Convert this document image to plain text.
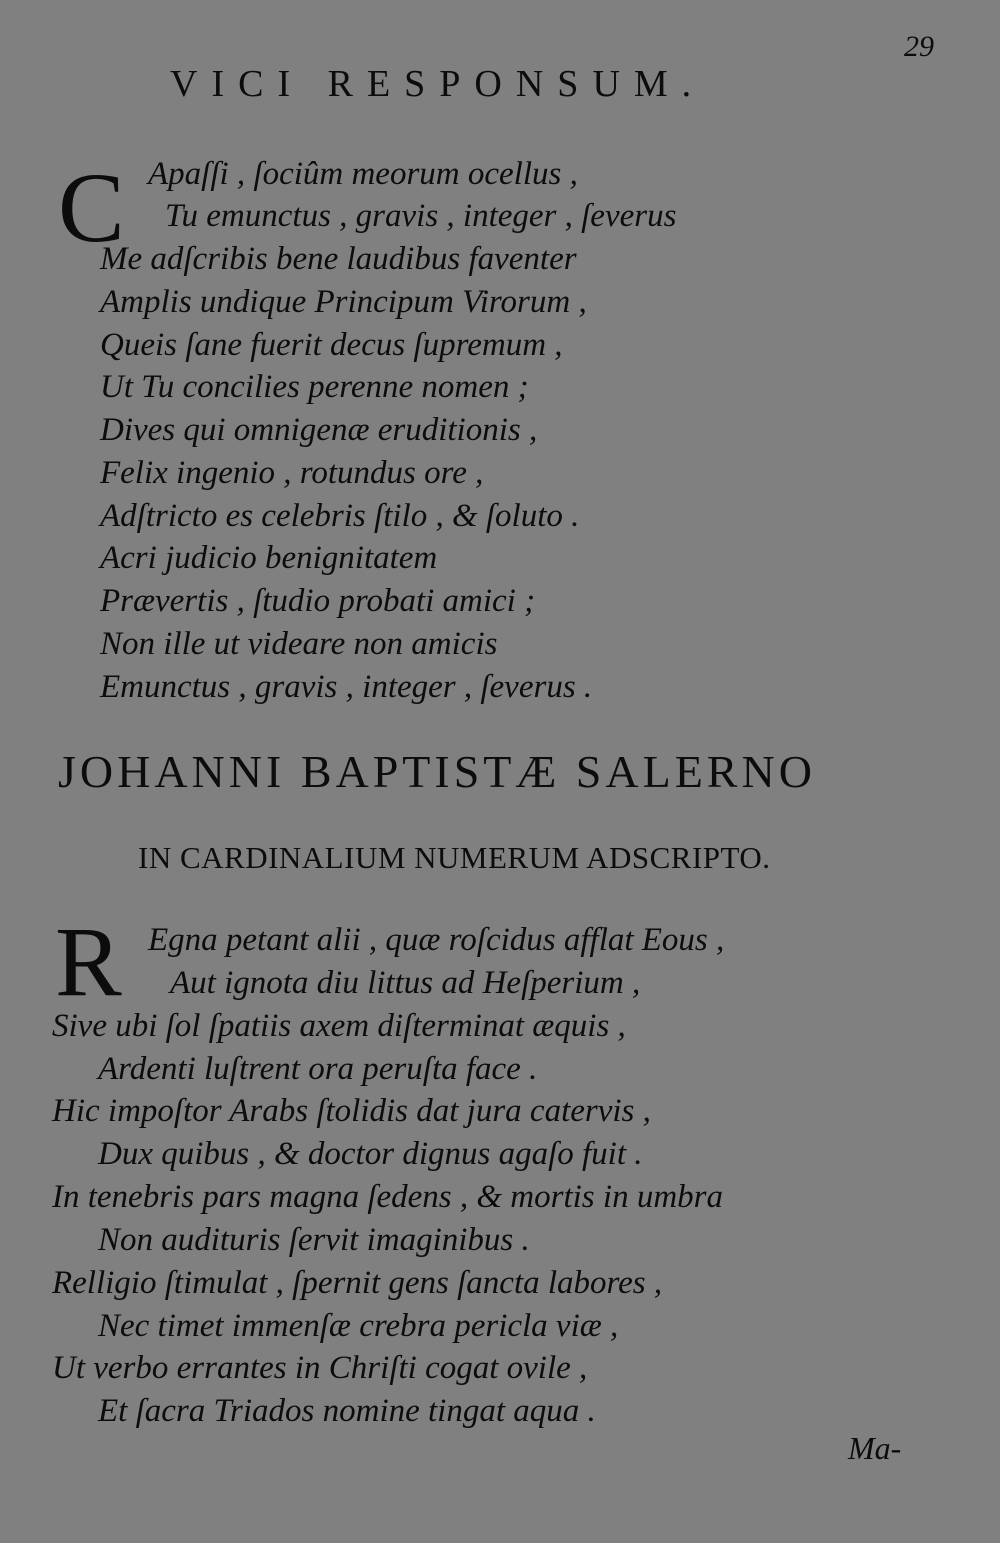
29
VICI RESPONSUM.
C Apaſſi , ſociûm meorum ocellus ,
Tu emunctus , gravis , integer , ſeverus
Me adſcribis bene laudibus faventer
Amplis undique Principum Virorum ,
Queis ſane fuerit decus ſupremum ,
Ut Tu concilies perenne nomen ;
Dives qui omnigenæ eruditionis ,
Felix ingenio , rotundus ore ,
Adſtricto es celebris ſtilo , & ſoluto .
Acri judicio benignitatem
Prævertis , ſtudio probati amici ;
Non ille ut videare non amicis
Emunctus , gravis , integer , ſeverus .
JOHANNI BAPTISTÆ SALERNO
IN CARDINALIUM NUMERUM ADSCRIPTO.
R Egna petant alii , quæ roſcidus afflat Eous ,
Aut ignota diu littus ad Heſperium ,
Sive ubi ſol ſpatiis axem diſterminat æquis ,
Ardenti luſtrent ora peruſta face .
Hic impoſtor Arabs ſtolidis dat jura catervis ,
Dux quibus , & doctor dignus agaſo fuit .
In tenebris pars magna ſedens , & mortis in umbra
Non audituris ſervit imaginibus .
Relligio ſtimulat , ſpernit gens ſancta labores ,
Nec timet immenſæ crebra pericla viæ ,
Ut verbo errantes in Chriſti cogat ovile ,
Et ſacra Triados nomine tingat aqua .
Ma-
